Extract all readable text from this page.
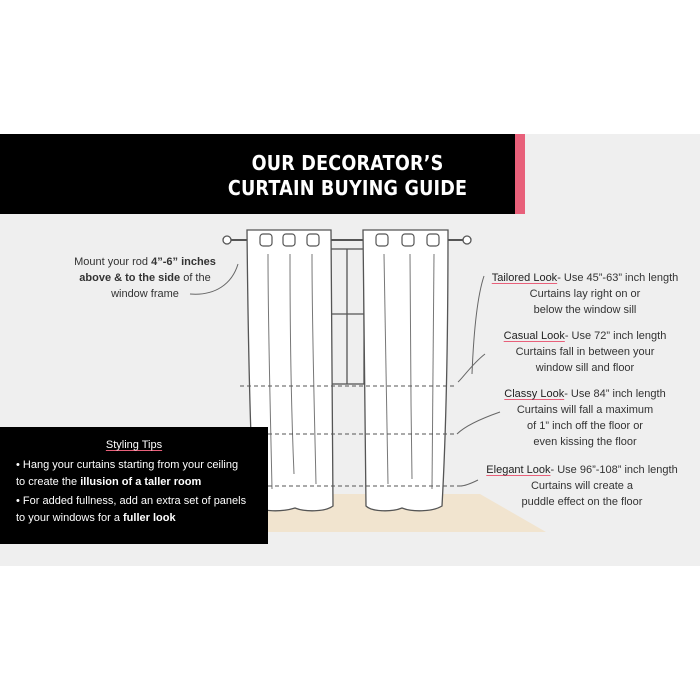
OUR DECORATOR’S
CURTAIN BUYING GUIDE
Mount your rod 4”-6” inches
above & to the side of the
window frame
Tailored Look- Use 45”-63” inch length
Curtains lay right on or
below the window sill
Casual Look- Use 72” inch length
Curtains fall in between your
window sill and floor
Classy Look- Use 84” inch length
Curtains will fall a maximum
of 1” inch off the floor or
even kissing the floor
Elegant Look- Use 96”-108” inch length
Curtains will create a
puddle effect on the floor
Styling Tips
• Hang your curtains starting from your ceiling
to create the illusion of a taller room
• For added fullness, add an extra set of panels
to your windows for a fuller look
